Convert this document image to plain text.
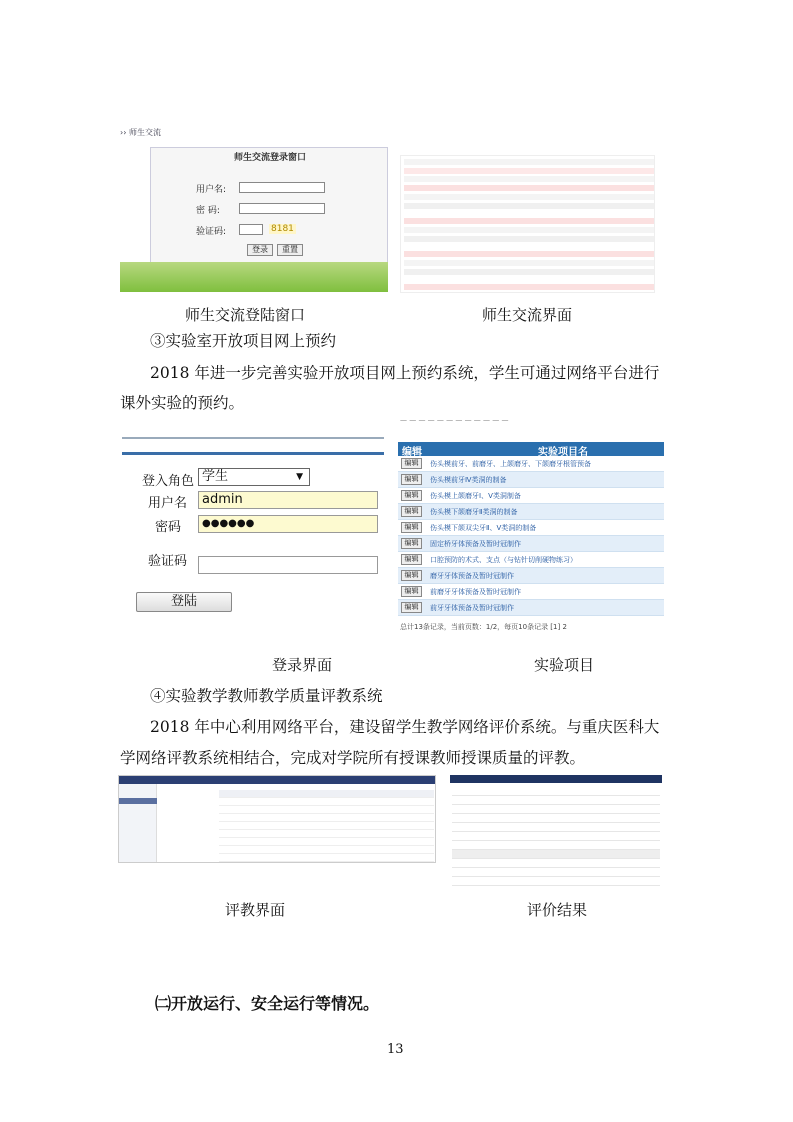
›› 师生交流
师生交流登录窗口
用户名:
密 码:
验证码:	8181
登录	重置
师生交流登陆窗口	师生交流界面
③实验室开放项目网上预约
2018 年进一步完善实验开放项目网上预约系统，学生可通过网络平台进行
课外实验的预约。
登入角色 学生	▼
用户名	admin
密码	●●●●●●
验证码
登陆
— — — — — — — — — — — —
编辑	实验项目名
编辑	伤头模前牙、前磨牙、上颌磨牙、下颌磨牙根管预备
编辑	伤头模前牙Ⅳ类洞的制备
编辑	伤头模上颌磨牙Ⅰ、Ⅴ类洞制备
编辑	伤头模下颌磨牙Ⅱ类洞的制备
编辑	伤头模下颌双尖牙Ⅱ、Ⅴ类洞的制备
编辑	固定桥牙体预备及暂时冠制作
编辑	口腔预防的术式、支点（与钻针切削硬物练习）
编辑	磨牙牙体预备及暂时冠制作
编辑	前磨牙牙体预备及暂时冠制作
编辑	前牙牙体预备及暂时冠制作
总计13条记录，当前页数：1/2，每页10条记录 [1] 2
登录界面	实验项目
④实验教学教师教学质量评教系统
2018 年中心利用网络平台，建设留学生教学网络评价系统。与重庆医科大
学网络评教系统相结合，完成对学院所有授课教师授课质量的评教。
评教界面	评价结果
㈡开放运行、安全运行等情况。
13
